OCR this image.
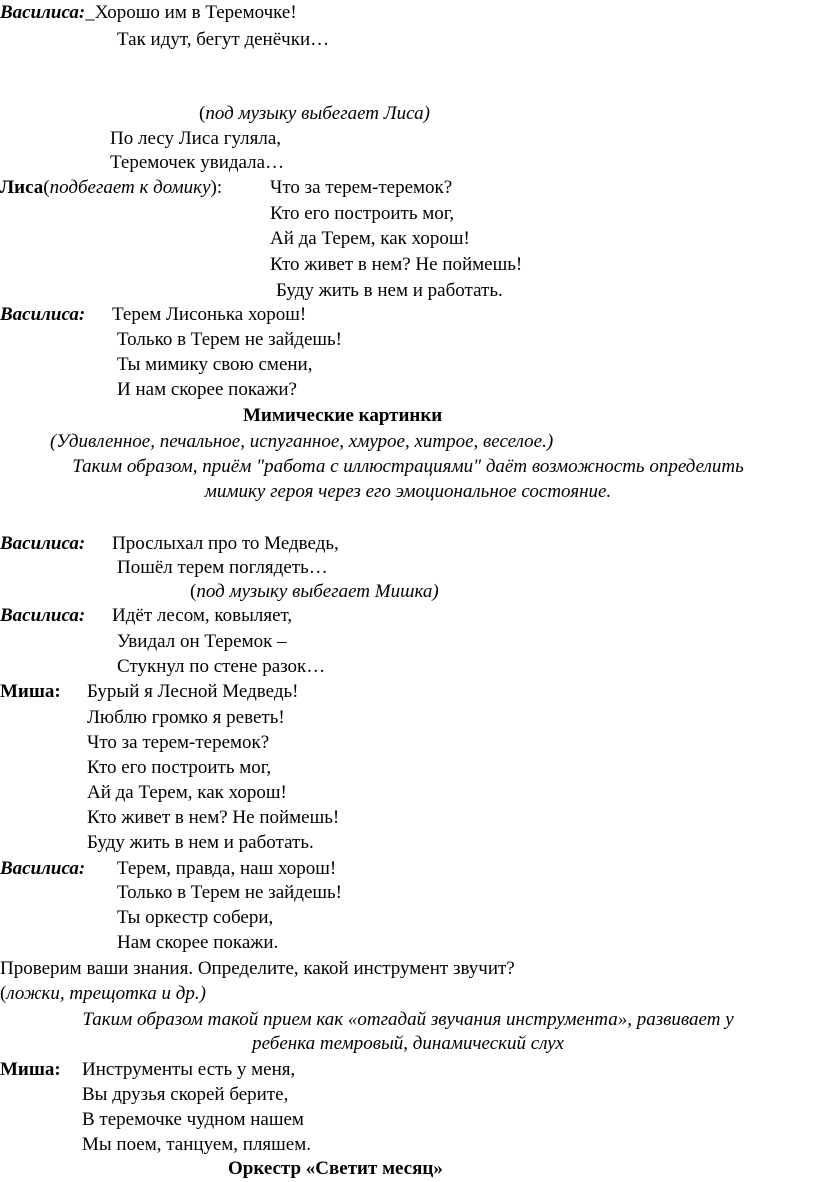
Василиса:_Хорошо им в Теремочке!
Так идут, бегут денёчки…
(под музыку выбегает Лиса)
По лесу Лиса гуляла,
Теремочек увидала…
Лиса(подбегает к домику):	Что за терем-теремок?
Кто его построить мог,
Ай да Терем, как хорош!
Кто живет в нем? Не поймешь!
Буду жить в нем и работать.
Василиса: Терем Лисонька хорош!
Только в Терем не зайдешь!
Ты мимику свою смени,
И нам скорее покажи?
Мимические картинки
(Удивленное, печальное, испуганное, хмурое, хитрое, веселое.)
Таким образом, приём "работа с иллюстрациями" даёт возможность определить
мимику героя через его эмоциональное состояние.
Василиса: Прослыхал про то Медведь,
Пошёл терем поглядеть…
(под музыку выбегает Мишка)
Василиса: Идёт лесом, ковыляет,
Увидал он Теремок –
Стукнул по стене разок…
Миша: Бурый я Лесной Медведь!
Люблю громко я реветь!
Что за терем-теремок?
Кто его построить мог,
Ай да Терем, как хорош!
Кто живет в нем? Не поймешь!
Буду жить в нем и работать.
Василиса: Терем, правда, наш хорош!
Только в Терем не зайдешь!
Ты оркестр собери,
Нам скорее покажи.
Проверим ваши знания. Определите, какой инструмент звучит?
(ложки, трещотка и др.)
Таким образом такой прием как «отгадай звучания инструмента», развивает у
ребенка темровый, динамический слух
Миша: Инструменты есть у меня,
Вы друзья скорей берите,
В теремочке чудном нашем
Мы поем, танцуем, пляшем.
Оркестр «Светит месяц»
